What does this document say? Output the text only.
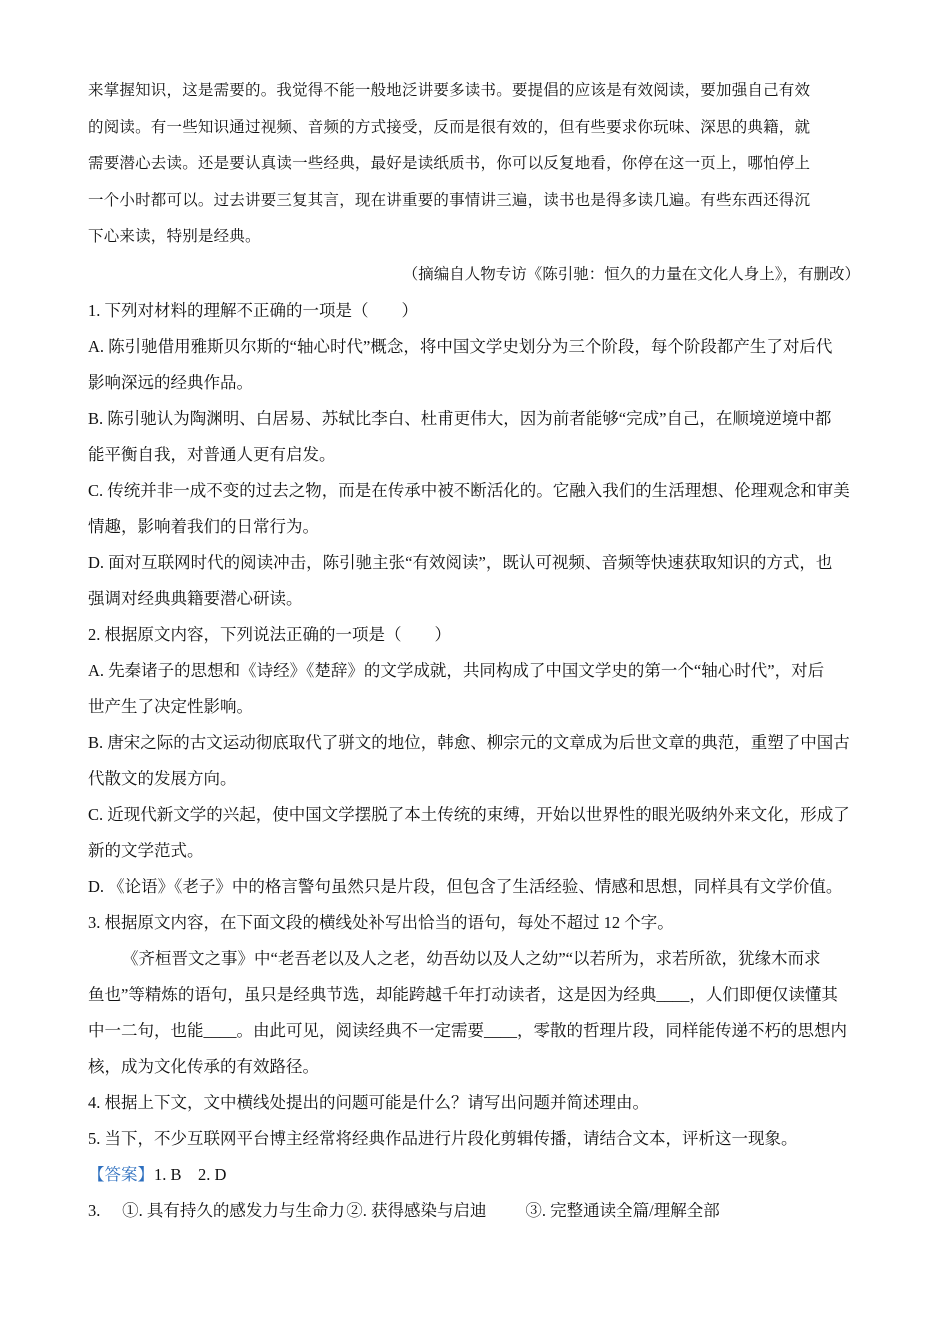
来掌握知识，这是需要的。我觉得不能一般地泛讲要多读书。要提倡的应该是有效阅读，要加强自己有效
的阅读。有一些知识通过视频、音频的方式接受，反而是很有效的，但有些要求你玩味、深思的典籍，就
需要潜心去读。还是要认真读一些经典，最好是读纸质书，你可以反复地看，你停在这一页上，哪怕停上
一个小时都可以。过去讲要三复其言，现在讲重要的事情讲三遍，读书也是得多读几遍。有些东西还得沉
下心来读，特别是经典。
（摘编自人物专访《陈引驰：恒久的力量在文化人身上》，有删改）
1. 下列对材料的理解不正确的一项是（　　）
A. 陈引驰借用雅斯贝尔斯的“轴心时代”概念，将中国文学史划分为三个阶段，每个阶段都产生了对后代
影响深远的经典作品。
B. 陈引驰认为陶渊明、白居易、苏轼比李白、杜甫更伟大，因为前者能够“完成”自己，在顺境逆境中都
能平衡自我，对普通人更有启发。
C. 传统并非一成不变的过去之物，而是在传承中被不断活化的。它融入我们的生活理想、伦理观念和审美
情趣，影响着我们的日常行为。
D. 面对互联网时代的阅读冲击，陈引驰主张“有效阅读”，既认可视频、音频等快速获取知识的方式，也
强调对经典典籍要潜心研读。
2. 根据原文内容，下列说法正确的一项是（　　）
A. 先秦诸子的思想和《诗经》《楚辞》的文学成就，共同构成了中国文学史的第一个“轴心时代”，对后
世产生了决定性影响。
B. 唐宋之际的古文运动彻底取代了骈文的地位，韩愈、柳宗元的文章成为后世文章的典范，重塑了中国古
代散文的发展方向。
C. 近现代新文学的兴起，使中国文学摆脱了本土传统的束缚，开始以世界性的眼光吸纳外来文化，形成了
新的文学范式。
D. 《论语》《老子》中的格言警句虽然只是片段，但包含了生活经验、情感和思想，同样具有文学价值。
3. 根据原文内容，在下面文段的横线处补写出恰当的语句，每处不超过 12 个字。
《齐桓晋文之事》中“老吾老以及人之老，幼吾幼以及人之幼”“以若所为，求若所欲，犹缘木而求
鱼也”等精炼的语句，虽只是经典节选，却能跨越千年打动读者，这是因为经典____，人们即便仅读懂其
中一二句，也能____。由此可见，阅读经典不一定需要____，零散的哲理片段，同样能传递不朽的思想内
核，成为文化传承的有效路径。
4. 根据上下文，文中横线处提出的问题可能是什么？请写出问题并简述理由。
5. 当下，不少互联网平台博主经常将经典作品进行片段化剪辑传播，请结合文本，评析这一现象。
【答案】1. B　2. D
3. ①. 具有持久的感发力与生命力 ②. 获得感染与启迪 ③. 完整通读全篇/理解全部
